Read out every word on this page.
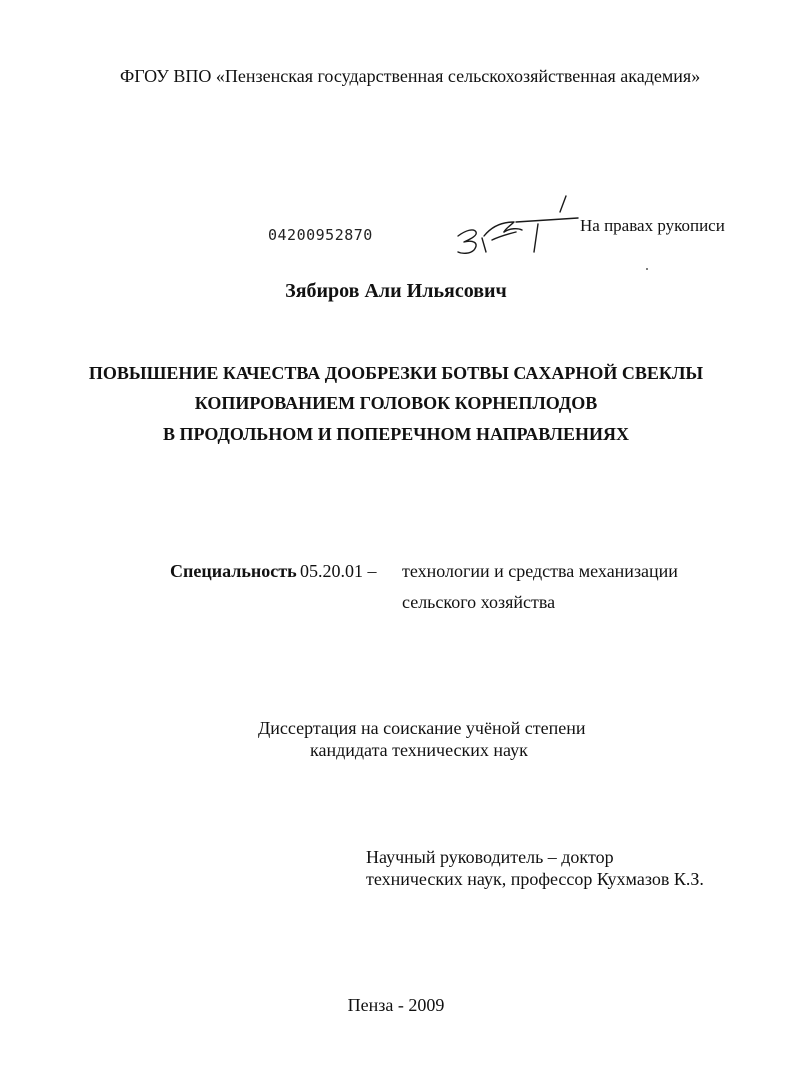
ФГОУ ВПО «Пензенская государственная сельскохозяйственная академия»
04200952870	На правах рукописи
Зябиров Али Ильясович
ПОВЫШЕНИЕ КАЧЕСТВА ДООБРЕЗКИ БОТВЫ САХАРНОЙ СВЕКЛЫ
КОПИРОВАНИЕМ ГОЛОВОК КОРНЕПЛОДОВ
В ПРОДОЛЬНОМ И ПОПЕРЕЧНОМ НАПРАВЛЕНИЯХ
Специальность 05.20.01 – технологии и средства механизации
сельского хозяйства
Диссертация на соискание учёной степени
кандидата технических наук
Научный руководитель – доктор
технических наук, профессор Кухмазов К.З.
Пенза - 2009
